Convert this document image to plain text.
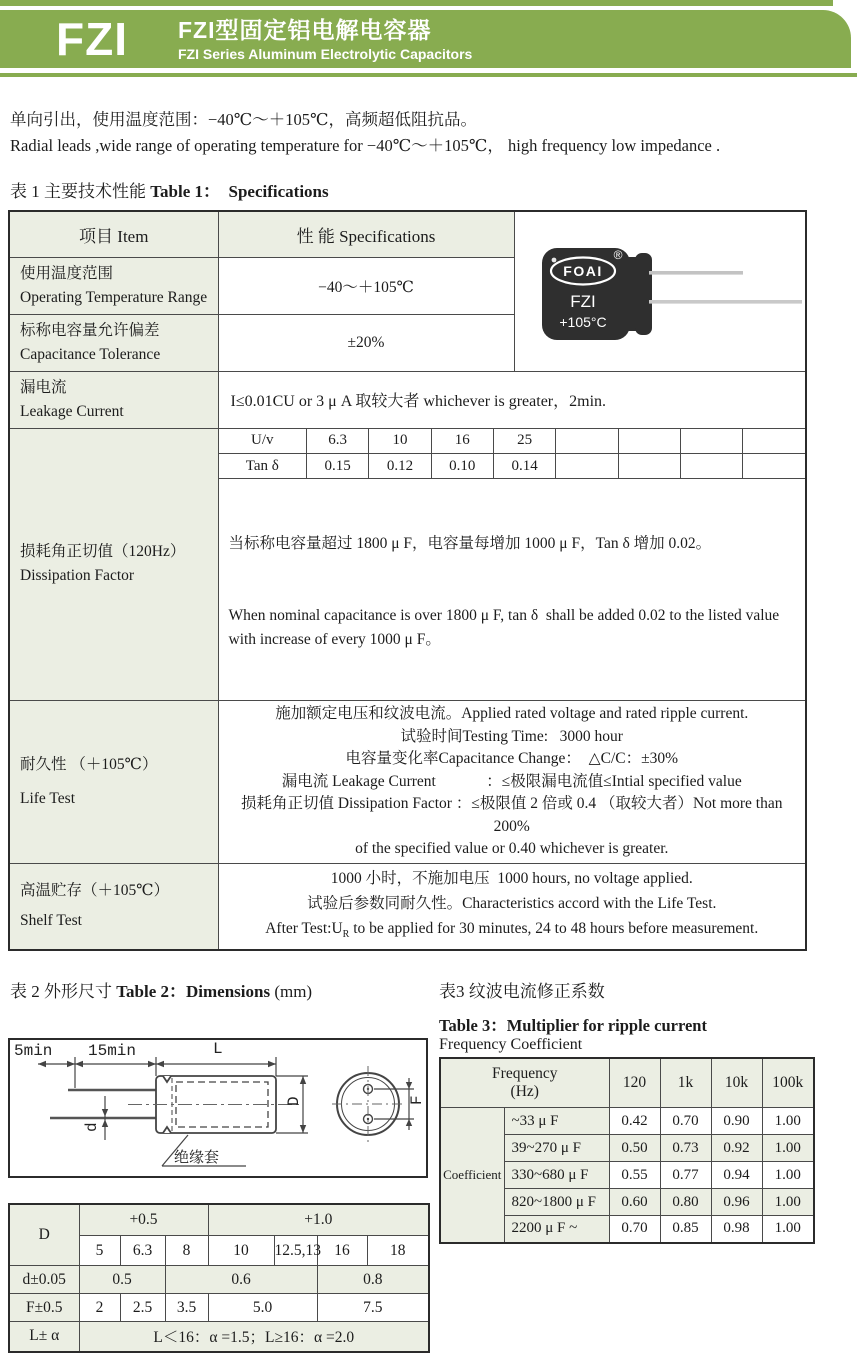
FZI	FZI型固定铝电解电容器
FZI Series Aluminum Electrolytic Capacitors
单向引出，使用温度范围：−40℃～＋105℃，高频超低阻抗品。
Radial leads ,wide range of operating temperature for −40℃～＋105℃， high frequency low impedance .
表 1 主要技术性能 Table 1：  Specifications
项目 Item	性 能 Specifications	
FOAI
®
FZI
+105°C

使用温度范围
Operating Temperature Range
	−40～＋105℃

标称电容量允许偏差
Capacitance Tolerance
	±20%

漏电流
Leakage Current
	I≤0.01CU or 3 μ A 取较大者 whichever is greater，2min.

损耗角正切值（120Hz）
Dissipation Factor

U/v	6.3	10	16	25				
Tan δ	0.15	0.12	0.10	0.14				

当标称电容量超过 1800 μ F，电容量每增加 1000 μ F，Tan δ 增加 0.02。

When nominal capacitance is over 1800 μ F, tan δ  shall be added 0.02 to the listed value with increase of every 1000 μ F。

耐久性 （＋105℃）
Life Test

施加额定电压和纹波电流。Applied rated voltage and rated ripple current.
试验时间Testing Time:   3000 hour
电容量变化率Capacitance Change：  △C/C：±30%
漏电流 Leakage Current             ：≤极限漏电流值≤Intial specified value
损耗角正切值 Dissipation Factor ：≤极限值 2 倍或 0.4 （取较大者）Not more than 200%
of the specified value or 0.40 whichever is greater.

高温贮存（＋105℃）
Shelf Test

1000 小时，不施加电压  1000 hours, no voltage applied.
试验后参数同耐久性。Characteristics accord with the Life Test.
After $Test:U_R$ to be applied for 30 minutes, 24 to 48 hours before measurement.
表 2 外形尺寸 Table 2：Dimensions (mm)
5min 15min	L
d
D
绝缘套
F
D	+0.5			+1.0			
	5	6.3	8	10	12.5,13	16	18
d±0.05	0.5		0.6			0.8	
F±0.5	2	2.5	3.5	5.0		7.5	
L± α	L＜16：α =1.5；L≥16：α =2.0						
表3 纹波电流修正系数
Table 3：Multiplier for ripple current
Frequency Coefficient
Frequency
(Hz)		120	1k	10k	100k
Coefficient	~33 μ F	0.42	0.70	0.90	1.00
	39~270 μ F	0.50	0.73	0.92	1.00
	330~680 μ F	0.55	0.77	0.94	1.00
	820~1800 μ F	0.60	0.80	0.96	1.00
	2200 μ F ~	0.70	0.85	0.98	1.00
